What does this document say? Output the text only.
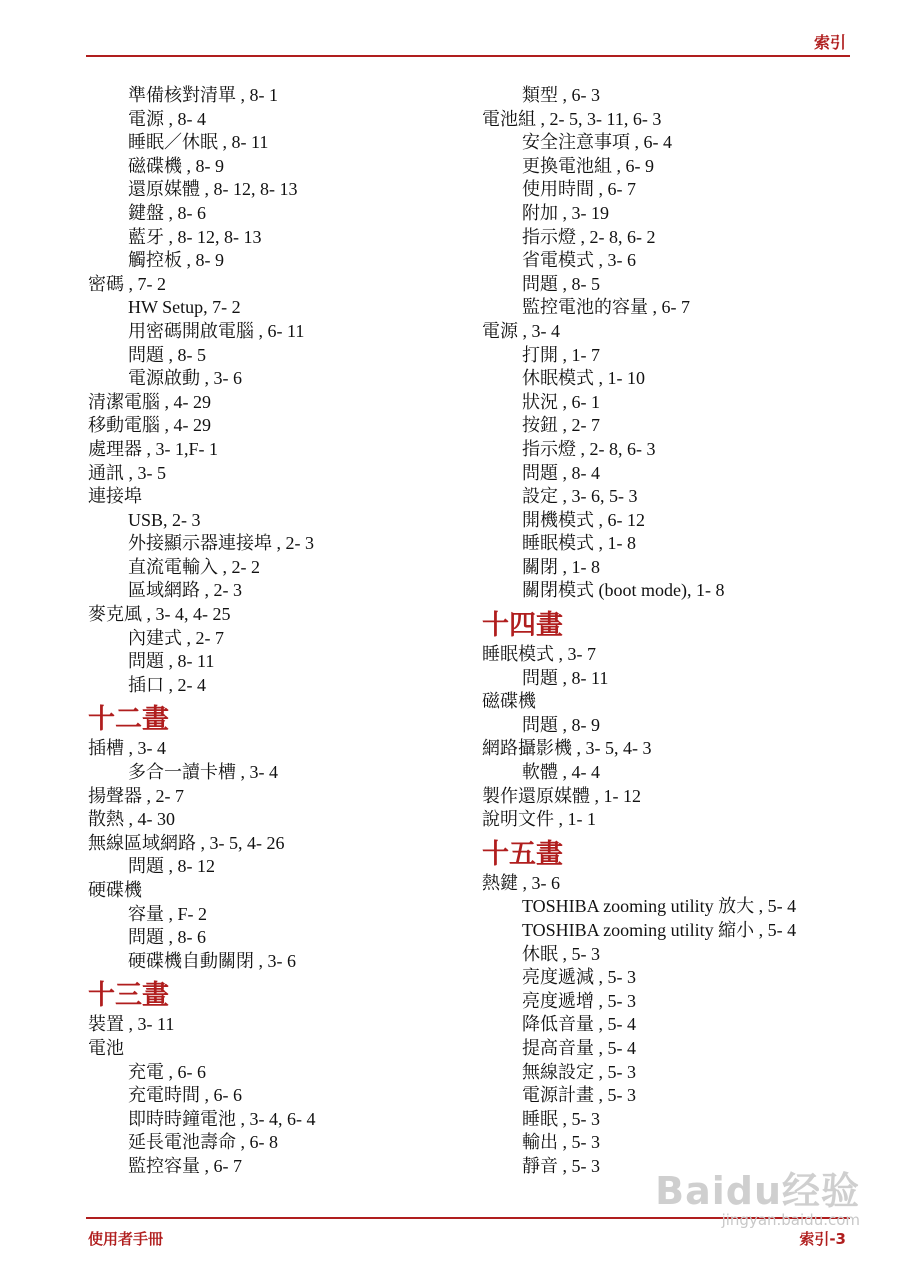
索引
準備核對清單 , 8- 1
電源 , 8- 4
睡眠／休眠 , 8- 11
磁碟機 , 8- 9
還原媒體 , 8- 12, 8- 13
鍵盤 , 8- 6
藍牙 , 8- 12, 8- 13
觸控板 , 8- 9
密碼 , 7- 2
HW Setup, 7- 2
用密碼開啟電腦 , 6- 11
問題 , 8- 5
電源啟動 , 3- 6
清潔電腦 , 4- 29
移動電腦 , 4- 29
處理器 , 3- 1,F- 1
通訊 , 3- 5
連接埠
USB, 2- 3
外接顯示器連接埠 , 2- 3
直流電輸入 , 2- 2
區域網路 , 2- 3
麥克風 , 3- 4, 4- 25
內建式 , 2- 7
問題 , 8- 11
插口 , 2- 4
十二畫
插槽 , 3- 4
多合一讀卡槽 , 3- 4
揚聲器 , 2- 7
散熱 , 4- 30
無線區域網路 , 3- 5, 4- 26
問題 , 8- 12
硬碟機
容量 , F- 2
問題 , 8- 6
硬碟機自動關閉 , 3- 6
十三畫
裝置 , 3- 11
電池
充電 , 6- 6
充電時間 , 6- 6
即時時鐘電池 , 3- 4, 6- 4
延長電池壽命 , 6- 8
監控容量 , 6- 7
類型 , 6- 3
電池組 , 2- 5, 3- 11, 6- 3
安全注意事項 , 6- 4
更換電池組 , 6- 9
使用時間 , 6- 7
附加 , 3- 19
指示燈 , 2- 8, 6- 2
省電模式 , 3- 6
問題 , 8- 5
監控電池的容量 , 6- 7
電源 , 3- 4
打開 , 1- 7
休眠模式 , 1- 10
狀況 , 6- 1
按鈕 , 2- 7
指示燈 , 2- 8, 6- 3
問題 , 8- 4
設定 , 3- 6, 5- 3
開機模式 , 6- 12
睡眠模式 , 1- 8
關閉 , 1- 8
關閉模式 (boot mode), 1- 8
十四畫
睡眠模式 , 3- 7
問題 , 8- 11
磁碟機
問題 , 8- 9
網路攝影機 , 3- 5, 4- 3
軟體 , 4- 4
製作還原媒體 , 1- 12
說明文件 , 1- 1
十五畫
熱鍵 , 3- 6
TOSHIBA zooming utility 放大 , 5- 4
TOSHIBA zooming utility 縮小 , 5- 4
休眠 , 5- 3
亮度遞減 , 5- 3
亮度遞增 , 5- 3
降低音量 , 5- 4
提高音量 , 5- 4
無線設定 , 5- 3
電源計畫 , 5- 3
睡眠 , 5- 3
輸出 , 5- 3
靜音 , 5- 3
使用者手冊	索引-3
Baidu经验
jingyan.baidu.com
